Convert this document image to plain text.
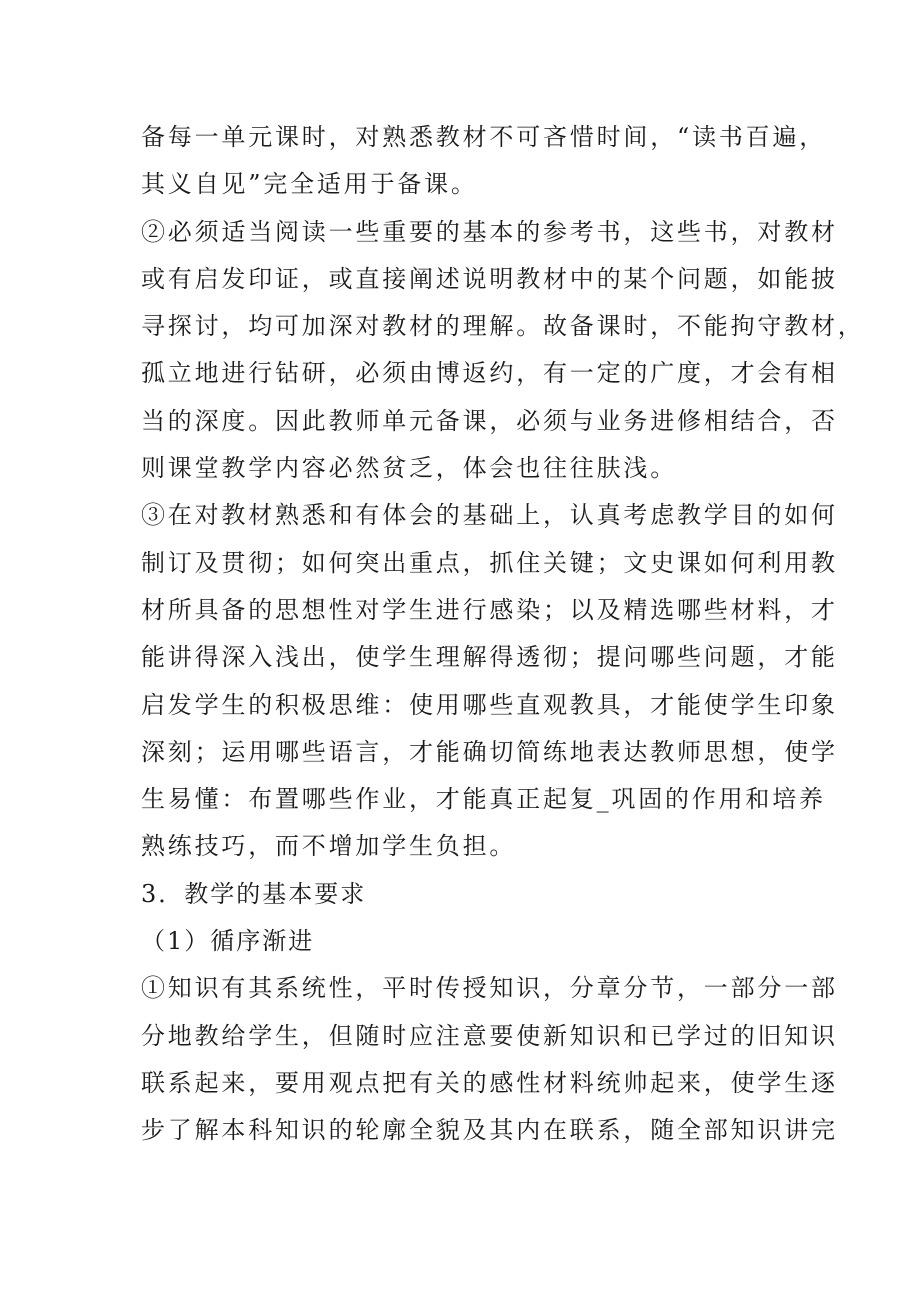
备每一单元课时，对熟悉教材不可吝惜时间，“读书百遍，
其义自见”完全适用于备课。
②必须适当阅读一些重要的基本的参考书，这些书，对教材
或有启发印证，或直接阐述说明教材中的某个问题，如能披
寻探讨，均可加深对教材的理解。故备课时，不能拘守教材，
孤立地进行钻研，必须由博返约，有一定的广度，才会有相
当的深度。因此教师单元备课，必须与业务进修相结合，否
则课堂教学内容必然贫乏，体会也往往肤浅。
③在对教材熟悉和有体会的基础上，认真考虑教学目的如何
制订及贯彻；如何突出重点，抓住关键；文史课如何利用教
材所具备的思想性对学生进行感染；以及精选哪些材料，才
能讲得深入浅出，使学生理解得透彻；提问哪些问题，才能
启发学生的积极思维：使用哪些直观教具，才能使学生印象
深刻；运用哪些语言，才能确切简练地表达教师思想，使学
生易懂：布置哪些作业，才能真正起复_巩固的作用和培养
熟练技巧，而不增加学生负担。
3．教学的基本要求
（1）循序渐进
①知识有其系统性，平时传授知识，分章分节，一部分一部
分地教给学生，但随时应注意要使新知识和已学过的旧知识
联系起来，要用观点把有关的感性材料统帅起来，使学生逐
步了解本科知识的轮廓全貌及其内在联系，随全部知识讲完
